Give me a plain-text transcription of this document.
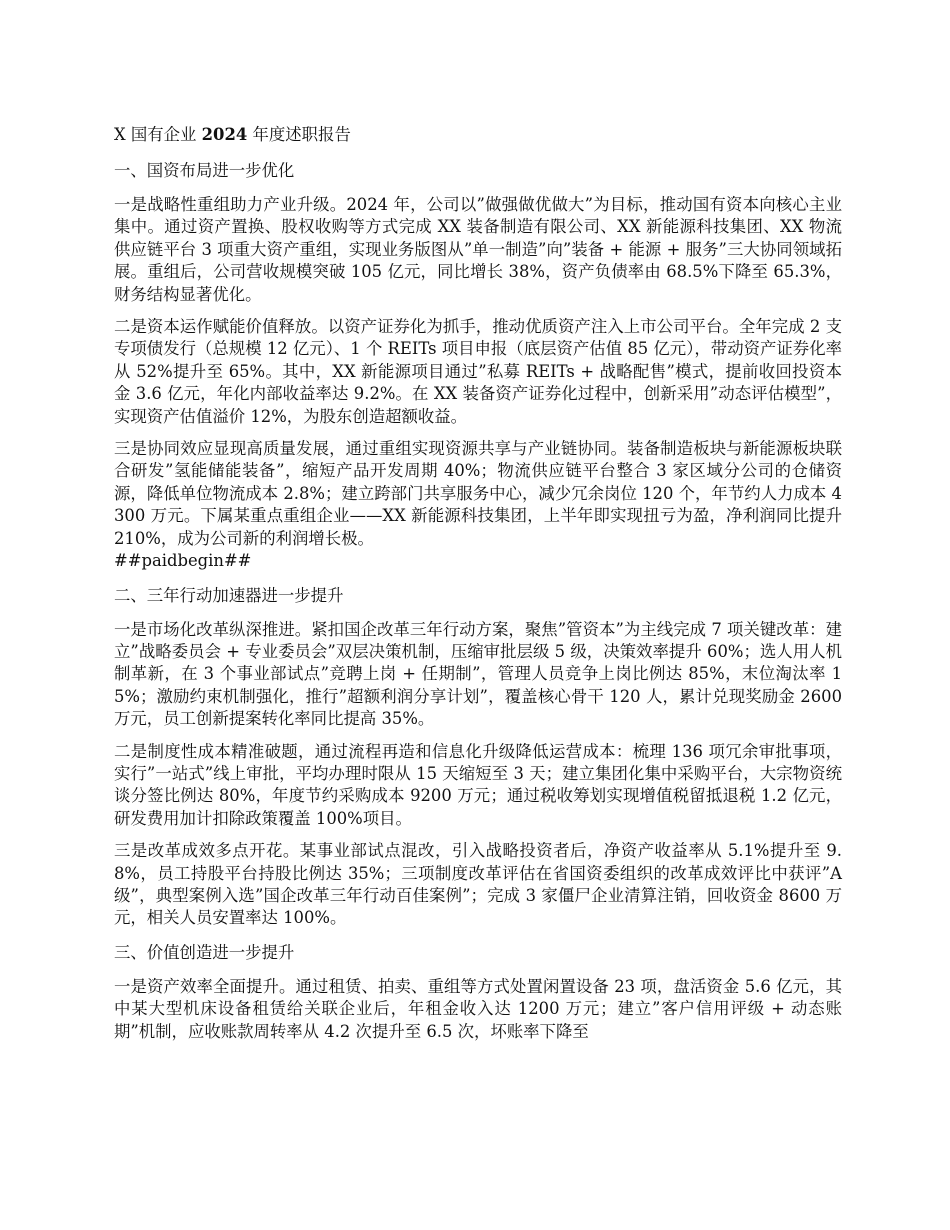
X 国有企业 2024 年度述职报告
一、国资布局进一步优化
一是战略性重组助力产业升级。2024 年，公司以”做强做优做大”为目标，推动国有资本向核心主业集中。通过资产置换、股权收购等方式完成 XX 装备制造有限公司、XX 新能源科技集团、XX 物流供应链平台 3 项重大资产重组，实现业务版图从”单一制造”向”装备 + 能源 + 服务”三大协同领域拓展。重组后，公司营收规模突破 105 亿元，同比增长 38%，资产负债率由 68.5%下降至 65.3%，财务结构显著优化。
二是资本运作赋能价值释放。以资产证券化为抓手，推动优质资产注入上市公司平台。全年完成 2 支专项债发行（总规模 12 亿元）、1 个 REITs 项目申报（底层资产估值 85 亿元），带动资产证券化率从 52%提升至 65%。其中，XX 新能源项目通过”私募 REITs + 战略配售”模式，提前收回投资本金 3.6 亿元，年化内部收益率达 9.2%。在 XX 装备资产证券化过程中，创新采用”动态评估模型”，实现资产估值溢价 12%，为股东创造超额收益。
三是协同效应显现高质量发展，通过重组实现资源共享与产业链协同。装备制造板块与新能源板块联合研发”氢能储能装备”，缩短产品开发周期 40%；物流供应链平台整合 3 家区域分公司的仓储资源，降低单位物流成本 2.8%；建立跨部门共享服务中心，减少冗余岗位 120 个，年节约人力成本 4300 万元。下属某重点重组企业——XX 新能源科技集团，上半年即实现扭亏为盈，净利润同比提升 210%，成为公司新的利润增长极。
##paidbegin##
二、三年行动加速器进一步提升
一是市场化改革纵深推进。紧扣国企改革三年行动方案，聚焦”管资本”为主线完成 7 项关键改革：建立”战略委员会 + 专业委员会”双层决策机制，压缩审批层级 5 级，决策效率提升 60%；选人用人机制革新，在 3 个事业部试点”竞聘上岗 + 任期制”，管理人员竞争上岗比例达 85%，末位淘汰率 15%；激励约束机制强化，推行”超额利润分享计划”，覆盖核心骨干 120 人，累计兑现奖励金 2600 万元，员工创新提案转化率同比提高 35%。
二是制度性成本精准破题，通过流程再造和信息化升级降低运营成本：梳理 136 项冗余审批事项，实行”一站式”线上审批，平均办理时限从 15 天缩短至 3 天；建立集团化集中采购平台，大宗物资统谈分签比例达 80%，年度节约采购成本 9200 万元；通过税收筹划实现增值税留抵退税 1.2 亿元，研发费用加计扣除政策覆盖 100%项目。
三是改革成效多点开花。某事业部试点混改，引入战略投资者后，净资产收益率从 5.1%提升至 9.8%，员工持股平台持股比例达 35%；三项制度改革评估在省国资委组织的改革成效评比中获评”A 级”，典型案例入选”国企改革三年行动百佳案例”；完成 3 家僵尸企业清算注销，回收资金 8600 万元，相关人员安置率达 100%。
三、价值创造进一步提升
一是资产效率全面提升。通过租赁、拍卖、重组等方式处置闲置设备 23 项，盘活资金 5.6 亿元，其中某大型机床设备租赁给关联企业后，年租金收入达 1200 万元；建立”客户信用评级 + 动态账期”机制，应收账款周转率从 4.2 次提升至 6.5 次，坏账率下降至
